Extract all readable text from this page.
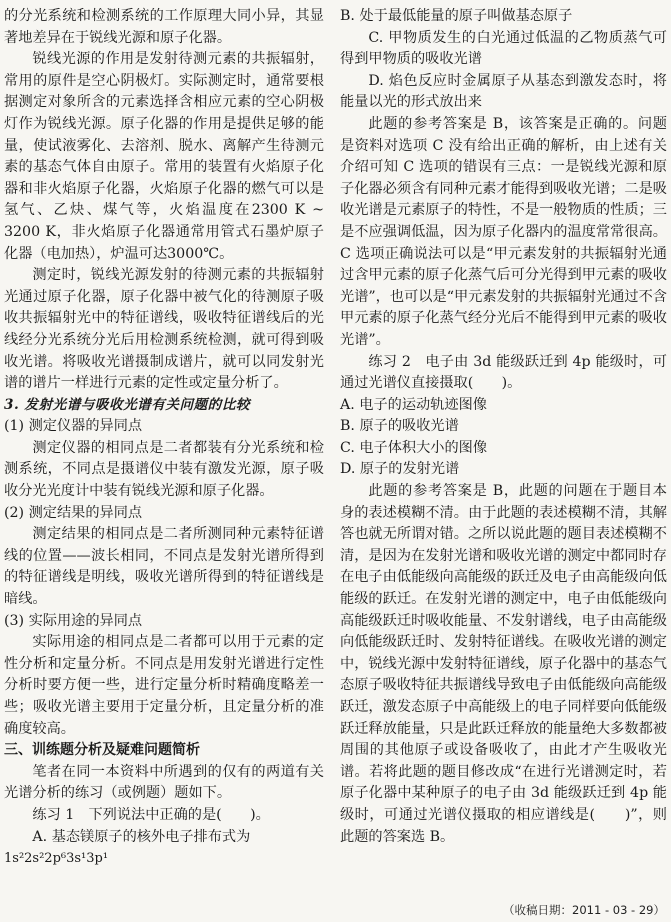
的分光系统和检测系统的工作原理大同小异，其显著地差异在于锐线光源和原子化器。

锐线光源的作用是发射待测元素的共振辐射，常用的原件是空心阴极灯。实际测定时，通常要根据测定对象所含的元素选择含相应元素的空心阴极灯作为锐线光源。原子化器的作用是提供足够的能量，使试液雾化、去溶剂、脱水、离解产生待测元素的基态气体自由原子。常用的装置有火焰原子化器和非火焰原子化器，火焰原子化器的燃气可以是氢气、乙炔、煤气等，火焰温度在2300 K ~ 3200 K，非火焰原子化器通常用管式石墨炉原子化器（电加热），炉温可达3000℃。

测定时，锐线光源发射的待测元素的共振辐射光通过原子化器，原子化器中被气化的待测原子吸收共振辐射光中的特征谱线，吸收特征谱线后的光线经分光系统分光后用检测系统检测，就可得到吸收光谱。将吸收光谱摄制成谱片，就可以同发射光谱的谱片一样进行元素的定性或定量分析了。

3. 发射光谱与吸收光谱有关问题的比较

(1) 测定仪器的异同点

测定仪器的相同点是二者都装有分光系统和检测系统，不同点是摄谱仪中装有激发光源，原子吸收分光光度计中装有锐线光源和原子化器。

(2) 测定结果的异同点

测定结果的相同点是二者所测同种元素特征谱线的位置——波长相同，不同点是发射光谱所得到的特征谱线是明线，吸收光谱所得到的特征谱线是暗线。

(3) 实际用途的异同点

实际用途的相同点是二者都可以用于元素的定性分析和定量分析。不同点是用发射光谱进行定性分析时要方便一些，进行定量分析时精确度略差一些；吸收光谱主要用于定量分析，且定量分析的准确度较高。

三、训练题分析及疑难问题简析

笔者在同一本资料中所遇到的仅有的两道有关光谱分析的练习（或例题）题如下。

练习 1　下列说法中正确的是(　　)。

A. 基态镁原子的核外电子排布式为

1s²2s²2p⁶3s¹3p¹

B. 处于最低能量的原子叫做基态原子

C. 甲物质发生的白光通过低温的乙物质蒸气可得到甲物质的吸收光谱

D. 焰色反应时金属原子从基态到激发态时，将能量以光的形式放出来

此题的参考答案是 B，该答案是正确的。问题是资料对选项 C 没有给出正确的解析，由上述有关介绍可知 C 选项的错误有三点：一是锐线光源和原子化器必须含有同种元素才能得到吸收光谱；二是吸收光谱是元素原子的特性，不是一般物质的性质；三是不应强调低温，因为原子化器内的温度常常很高。C 选项正确说法可以是“甲元素发射的共振辐射光通过含甲元素的原子化蒸气后可分光得到甲元素的吸收光谱”，也可以是“甲元素发射的共振辐射光通过不含甲元素的原子化蒸气经分光后不能得到甲元素的吸收光谱”。

练习 2　电子由 3d 能级跃迁到 4p 能级时，可通过光谱仪直接摄取(　　)。

A. 电子的运动轨迹图像

B. 原子的吸收光谱

C. 电子体积大小的图像

D. 原子的发射光谱

此题的参考答案是 B，此题的问题在于题目本身的表述模糊不清。由于此题的表述模糊不清，其解答也就无所谓对错。之所以说此题的题目表述模糊不清，是因为在发射光谱和吸收光谱的测定中都同时存在电子由低能级向高能级的跃迁及电子由高能级向低能级的跃迁。在发射光谱的测定中，电子由低能级向高能级跃迁时吸收能量、不发射谱线，电子由高能级向低能级跃迁时、发射特征谱线。在吸收光谱的测定中，锐线光源中发射特征谱线，原子化器中的基态气态原子吸收特征共振谱线导致电子由低能级向高能级跃迁，激发态原子中高能级上的电子同样要向低能级跃迁释放能量，只是此跃迁释放的能量绝大多数都被周围的其他原子或设备吸收了，由此才产生吸收光谱。若将此题的题目修改成“在进行光谱测定时，若原子化器中某种原子的电子由 3d 能级跃迁到 4p 能级时，可通过光谱仪摄取的相应谱线是(　　)”，则此题的答案选 B。

（收稿日期：2011 - 03 - 29）
